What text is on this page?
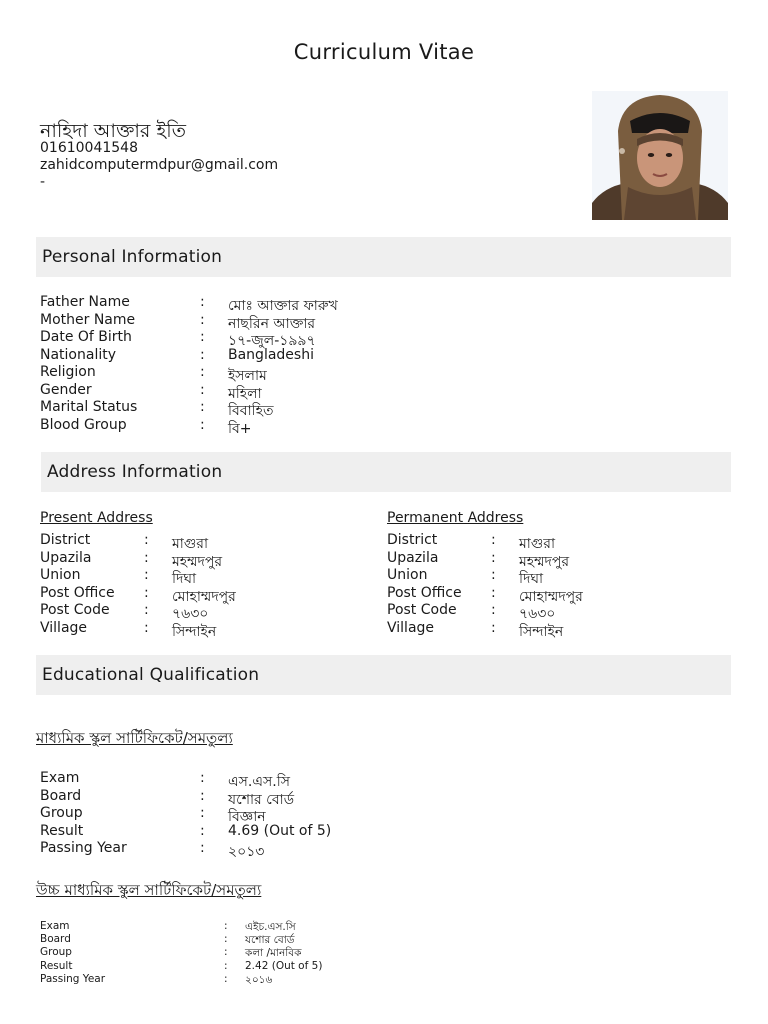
Curriculum Vitae
নাহিদা আক্তার ইতি
01610041548
zahidcomputermdpur@gmail.com
-
Personal Information
Father Name	: মোঃ আক্তার ফারুখ
Mother Name	: নাছরিন আক্তার
Date Of Birth	: ১৭-জুল-১৯৯৭
Nationality	: Bangladeshi
Religion	: ইসলাম
Gender	: মহিলা
Marital Status	: বিবাহিত
Blood Group	: বি+
Address Information
Present Address
District	: মাগুরা
Upazila	: মহম্মদপুর
Union	: দিঘা
Post Office : মোহাম্মদপুর
Post Code : ৭৬৩০
Village	: সিন্দাইন
Permanent Address
District	: মাগুরা
Upazila	: মহম্মদপুর
Union	: দিঘা
Post Office : মোহাম্মদপুর
Post Code : ৭৬৩০
Village	: সিন্দাইন
Educational Qualification
মাধ্যমিক স্কুল সার্টিফিকেট/সমতুল্য
Exam	: এস.এস.সি
Board	: যশোর বোর্ড
Group	: বিজ্ঞান
Result	: 4.69 (Out of 5)
Passing Year	: ২০১৩
উচ্চ মাধ্যমিক স্কুল সার্টিফিকেট/সমতুল্য
Exam	: এইচ.এস.সি
Board	: যশোর বোর্ড
Group	: কলা /মানবিক
Result	: 2.42 (Out of 5)
Passing Year	: ২০১৬
